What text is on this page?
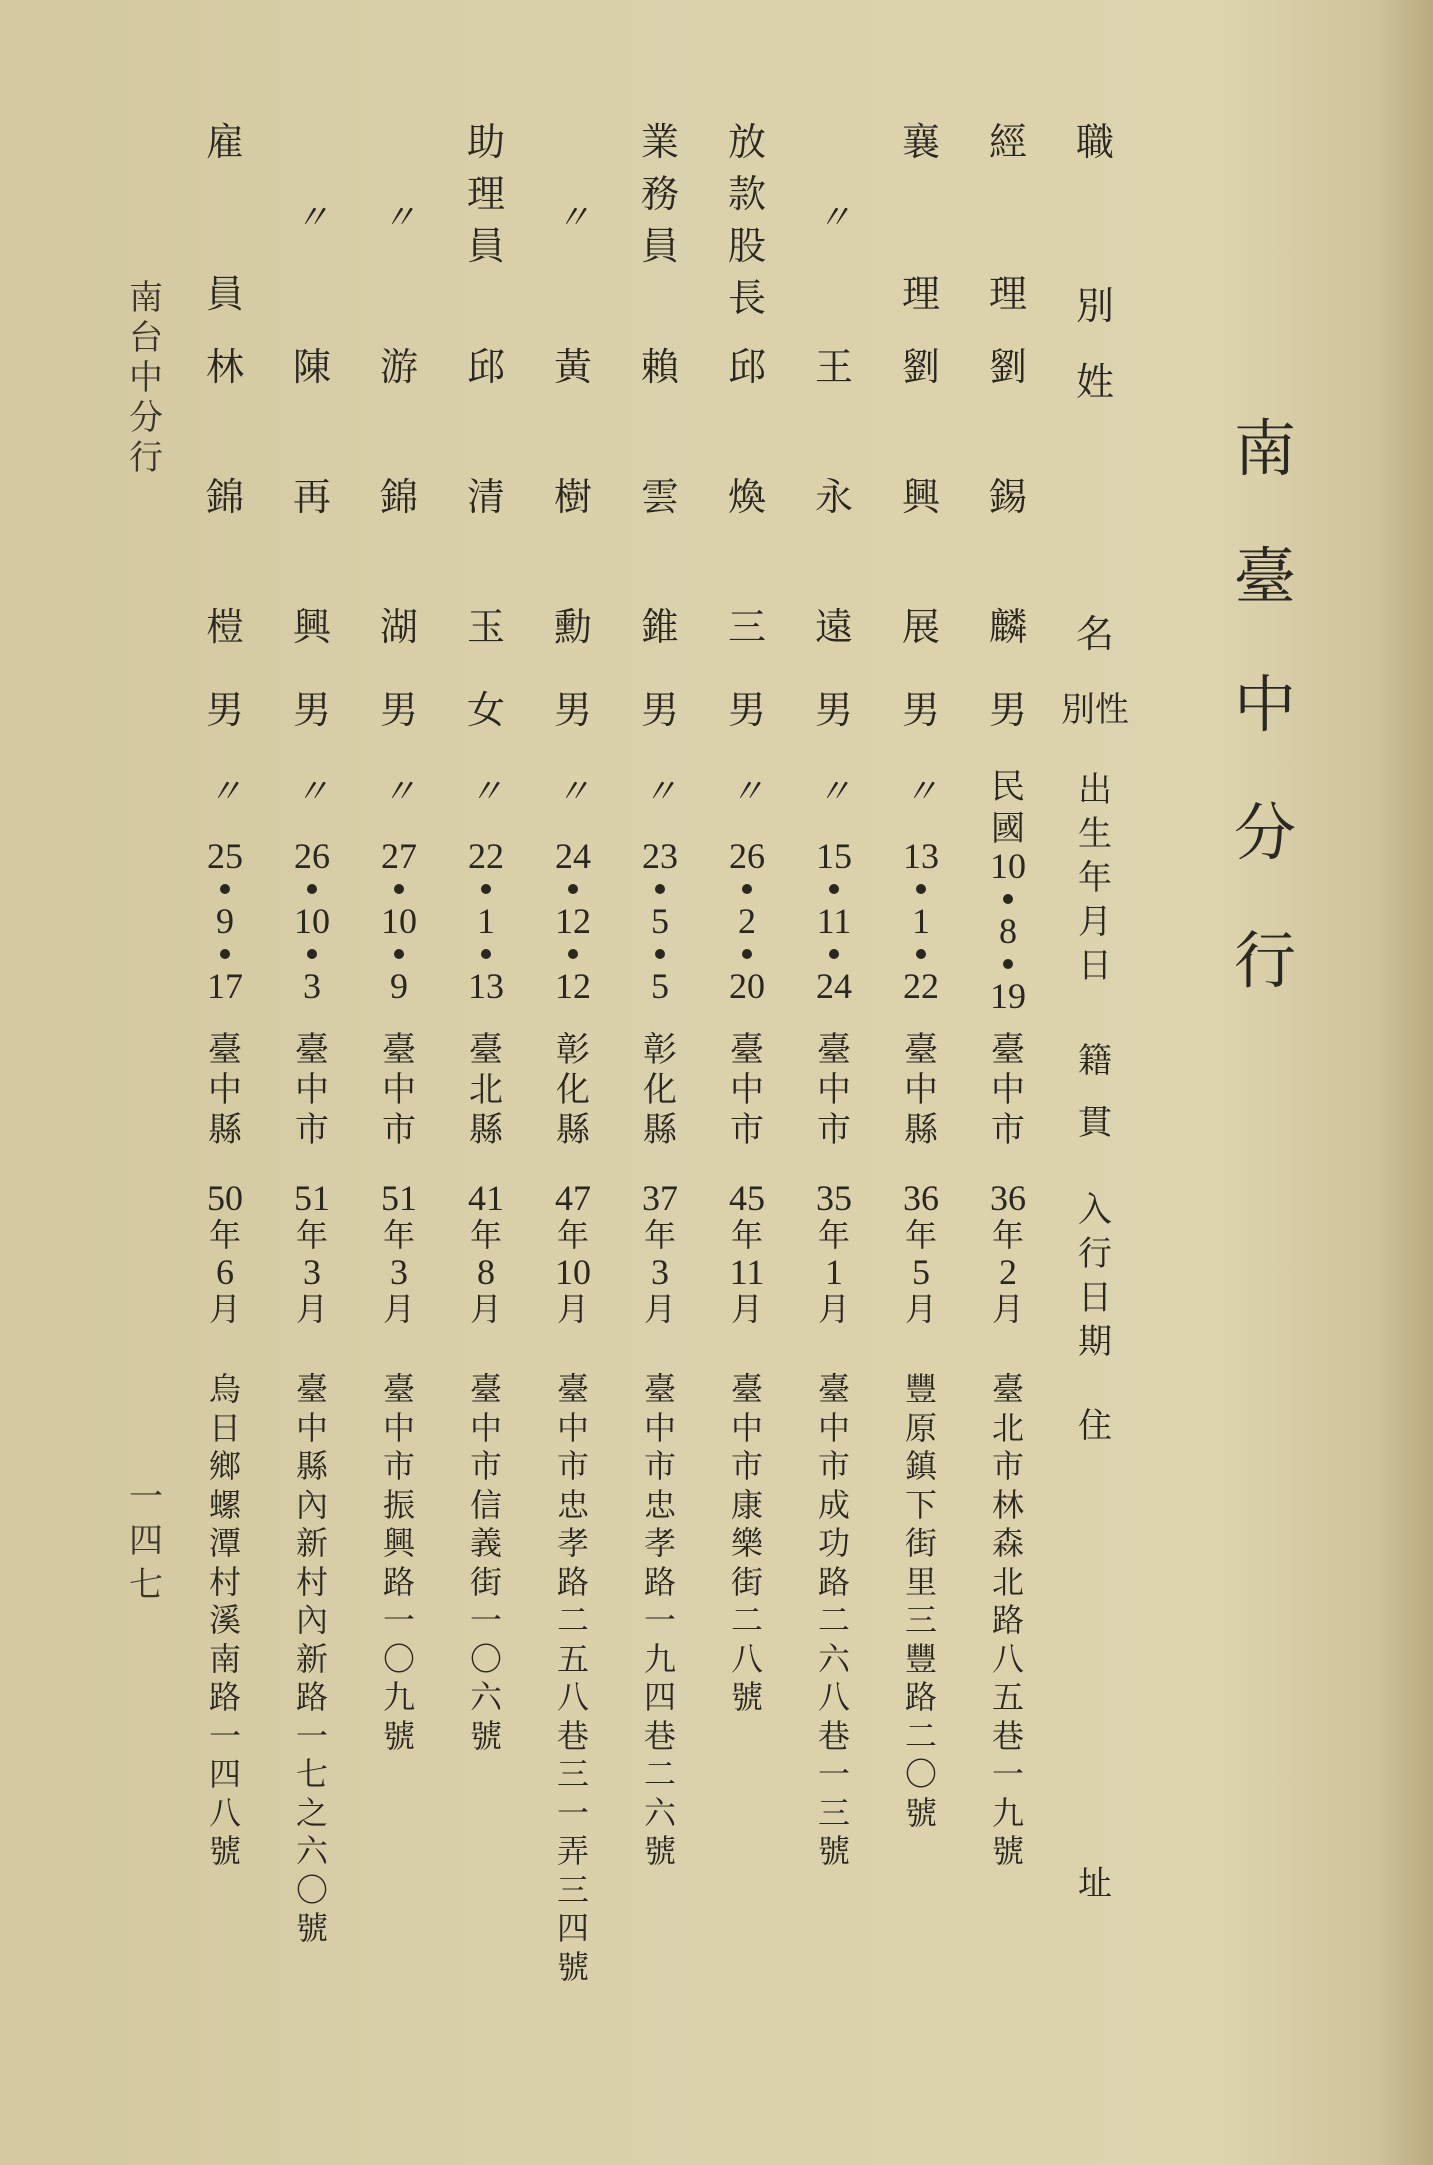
南
臺
中
分
行
職
別
姓
名
別性
出
生
年
月
日
籍
貫
入
行
日
期
住
址
經
理
劉
錫
麟
男
民
國
10
8
19
臺
中
市
36
年
2
月
臺
北
市
林
森
北
路
八
五
巷
一
九
號
襄
理
劉
興
展
男
〃
13
1
22
臺
中
縣
36
年
5
月
豐
原
鎮
下
街
里
三
豐
路
二
〇
號
〃
王
永
遠
男
〃
15
11
24
臺
中
市
35
年
1
月
臺
中
市
成
功
路
二
六
八
巷
一
三
號
放
款
股
長
邱
煥
三
男
〃
26
2
20
臺
中
市
45
年
11
月
臺
中
市
康
樂
街
二
八
號
業
務
員
賴
雲
錐
男
〃
23
5
5
彰
化
縣
37
年
3
月
臺
中
市
忠
孝
路
一
九
四
巷
二
六
號
〃
黃
樹
勳
男
〃
24
12
12
彰
化
縣
47
年
10
月
臺
中
市
忠
孝
路
二
五
八
巷
三
一
弄
三
四
號
助
理
員
邱
清
玉
女
〃
22
1
13
臺
北
縣
41
年
8
月
臺
中
市
信
義
街
一
〇
六
號
〃
游
錦
湖
男
〃
27
10
9
臺
中
市
51
年
3
月
臺
中
市
振
興
路
一
〇
九
號
〃
陳
再
興
男
〃
26
10
3
臺
中
市
51
年
3
月
臺
中
縣
內
新
村
內
新
路
一
七
之
六
〇
號
雇
員
林
錦
榿
男
〃
25
9
17
臺
中
縣
50
年
6
月
烏
日
鄉
螺
潭
村
溪
南
路
一
四
八
號
南
台
中
分
行
一
四
七
